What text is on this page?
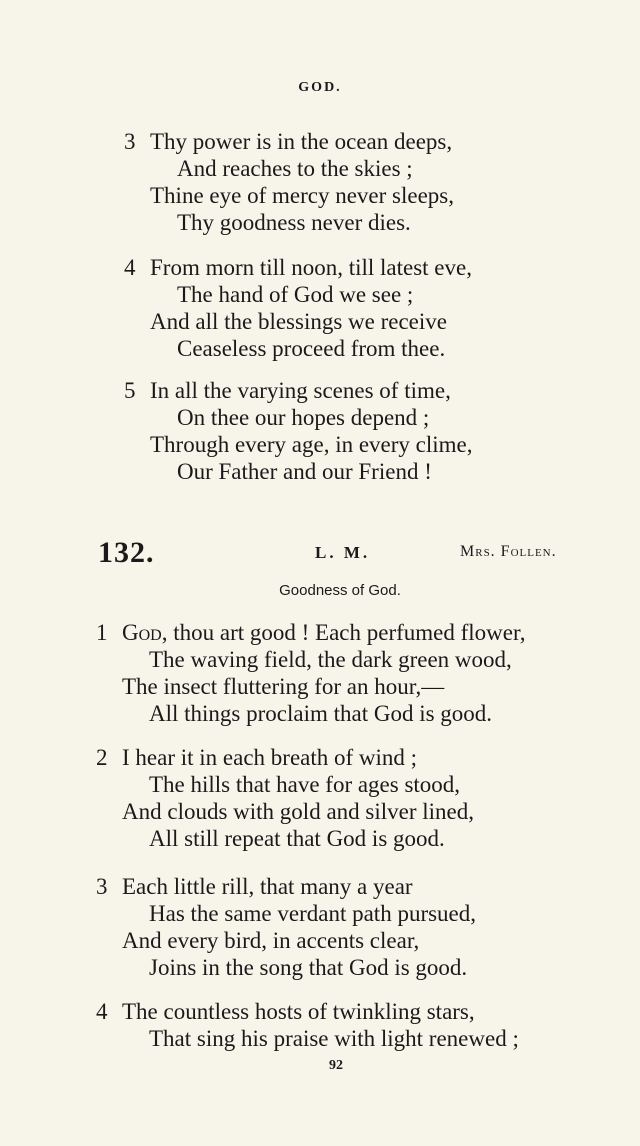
GOD.
3 Thy power is in the ocean deeps,
And reaches to the skies ;
Thine eye of mercy never sleeps,
Thy goodness never dies.
4 From morn till noon, till latest eve,
The hand of God we see ;
And all the blessings we receive
Ceaseless proceed from thee.
5 In all the varying scenes of time,
On thee our hopes depend ;
Through every age, in every clime,
Our Father and our Friend !
132.	L. M.	Mrs. Follen.
Goodness of God.
1 God, thou art good ! Each perfumed flower,
The waving field, the dark green wood,
The insect fluttering for an hour,—
All things proclaim that God is good.
2 I hear it in each breath of wind ;
The hills that have for ages stood,
And clouds with gold and silver lined,
All still repeat that God is good.
3 Each little rill, that many a year
Has the same verdant path pursued,
And every bird, in accents clear,
Joins in the song that God is good.
4 The countless hosts of twinkling stars,
That sing his praise with light renewed ;
92
